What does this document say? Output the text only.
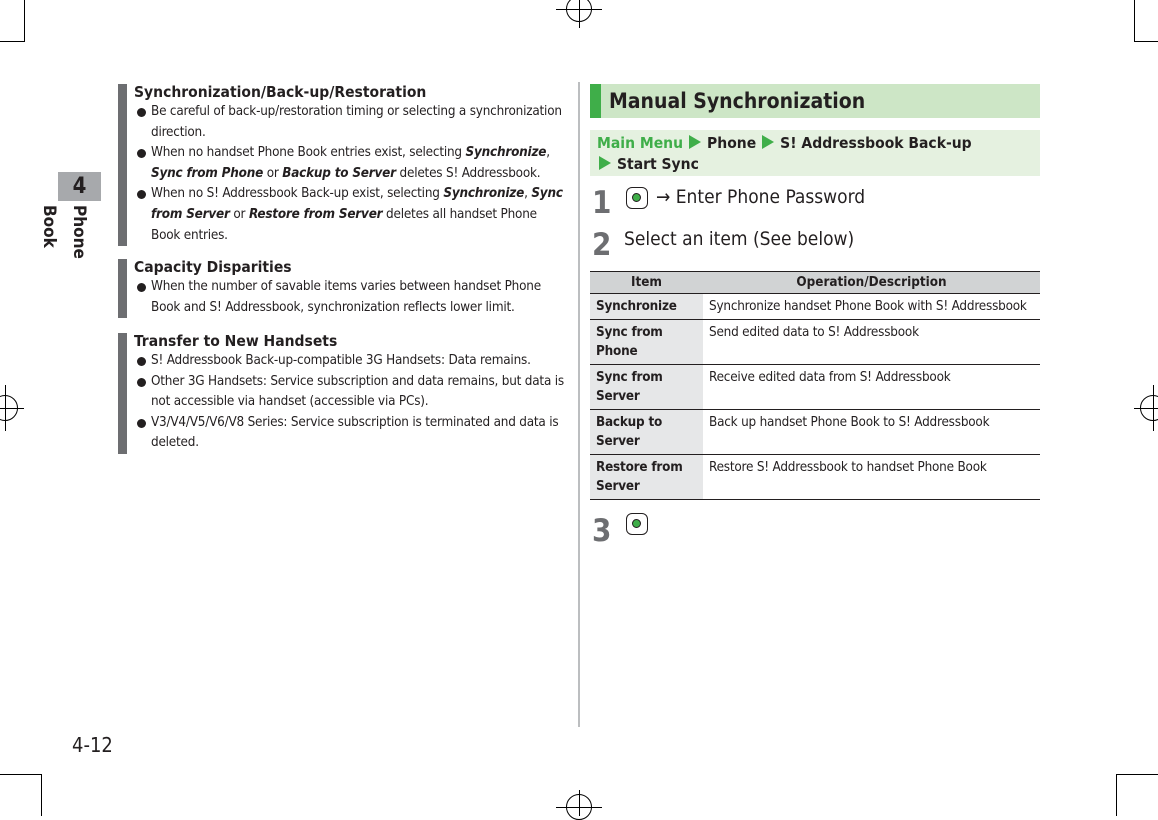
4
Phone Book
4-12
Synchronization/Back-up/Restoration
Be careful of back-up/restoration timing or selecting a synchronization direction.
When no handset Phone Book entries exist, selecting Synchronize, Sync from Phone or Backup to Server deletes S! Addressbook.
When no S! Addressbook Back-up exist, selecting Synchronize, Sync from Server or Restore from Server deletes all handset Phone Book entries.
Capacity Disparities
When the number of savable items varies between handset Phone Book and S! Addressbook, synchronization reflects lower limit.
Transfer to New Handsets
S! Addressbook Back-up-compatible 3G Handsets: Data remains.
Other 3G Handsets: Service subscription and data remains, but data is not accessible via handset (accessible via PCs).
V3/V4/V5/V6/V8 Series: Service subscription is terminated and data is deleted.
Manual Synchronization
Main Menu Phone S! Addressbook Back-up
Start Sync
1 → Enter Phone Password
2 Select an item (See below)
3
Item	Operation/Description
Synchronize	Synchronize handset Phone Book with S! Addressbook
Sync from Phone	Send edited data to S! Addressbook
Sync from Server	Receive edited data from S! Addressbook
Backup to Server	Back up handset Phone Book to S! Addressbook
Restore from Server	Restore S! Addressbook to handset Phone Book
